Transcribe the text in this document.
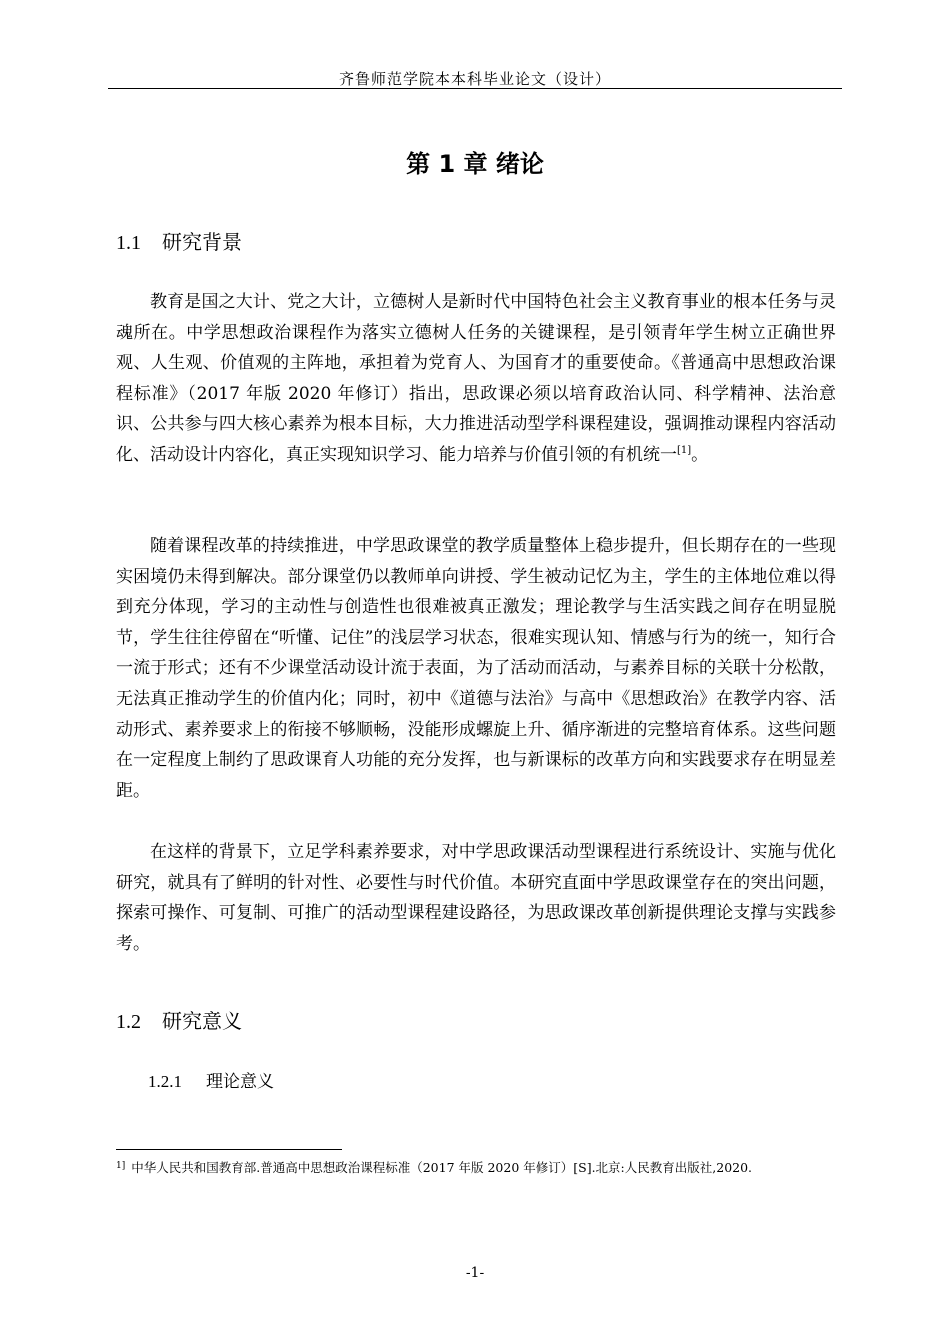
齐鲁师范学院本本科毕业论文（设计）
第 1 章 绪论
1.1 研究背景

教育是国之大计、党之大计，立德树人是新时代中国特色社会主义教育事业的根本任务与灵魂所在。中学思想政治课程作为落实立德树人任务的关键课程，是引领青年学生树立正确世界观、人生观、价值观的主阵地，承担着为党育人、为国育才的重要使命。《普通高中思想政治课程标准》（2017 年版 2020 年修订）指出，思政课必须以培育政治认同、科学精神、法治意识、公共参与四大核心素养为根本目标，大力推进活动型学科课程建设，强调推动课程内容活动化、活动设计内容化，真正实现知识学习、能力培养与价值引领的有机统一[1]。

随着课程改革的持续推进，中学思政课堂的教学质量整体上稳步提升，但长期存在的一些现实困境仍未得到解决。部分课堂仍以教师单向讲授、学生被动记忆为主，学生的主体地位难以得到充分体现，学习的主动性与创造性也很难被真正激发；理论教学与生活实践之间存在明显脱节，学生往往停留在“听懂、记住”的浅层学习状态，很难实现认知、情感与行为的统一，知行合一流于形式；还有不少课堂活动设计流于表面，为了活动而活动，与素养目标的关联十分松散，无法真正推动学生的价值内化；同时，初中《道德与法治》与高中《思想政治》在教学内容、活动形式、素养要求上的衔接不够顺畅，没能形成螺旋上升、循序渐进的完整培育体系。这些问题在一定程度上制约了思政课育人功能的充分发挥，也与新课标的改革方向和实践要求存在明显差距。

在这样的背景下，立足学科素养要求，对中学思政课活动型课程进行系统设计、实施与优化研究，就具有了鲜明的针对性、必要性与时代价值。本研究直面中学思政课堂存在的突出问题，探索可操作、可复制、可推广的活动型课程建设路径，为思政课改革创新提供理论支撑与实践参考。

1.2 研究意义
1.2.1 理论意义
$^{1]}$ 中华人民共和国教育部.普通高中思想政治课程标准（2017 年版 2020 年修订）[S].北京:人民教育出版社,2020.
-1-
